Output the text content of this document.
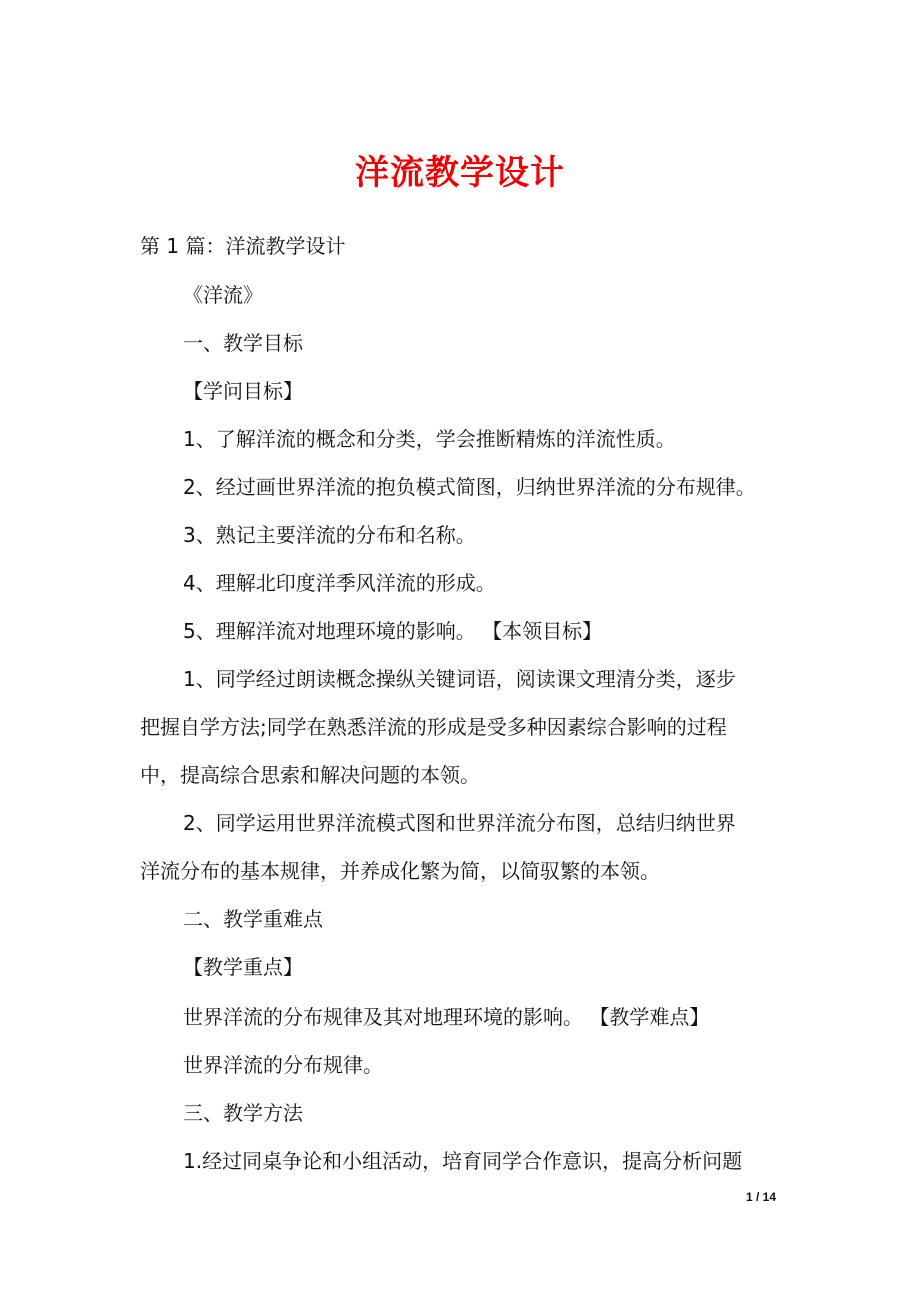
洋流教学设计
第 1 篇：洋流教学设计
《洋流》
一、教学目标
【学问目标】
1、了解洋流的概念和分类，学会推断精炼的洋流性质。
2、经过画世界洋流的抱负模式简图，归纳世界洋流的分布规律。
3、熟记主要洋流的分布和名称。
4、理解北印度洋季风洋流的形成。
5、理解洋流对地理环境的影响。 【本领目标】
1、同学经过朗读概念操纵关键词语，阅读课文理清分类，逐步
把握自学方法;同学在熟悉洋流的形成是受多种因素综合影响的过程
中，提高综合思索和解决问题的本领。
2、同学运用世界洋流模式图和世界洋流分布图，总结归纳世界
洋流分布的基本规律，并养成化繁为简，以简驭繁的本领。
二、教学重难点
【教学重点】
世界洋流的分布规律及其对地理环境的影响。 【教学难点】
世界洋流的分布规律。
三、教学方法
1.经过同桌争论和小组活动，培育同学合作意识，提高分析问题
1 / 14
